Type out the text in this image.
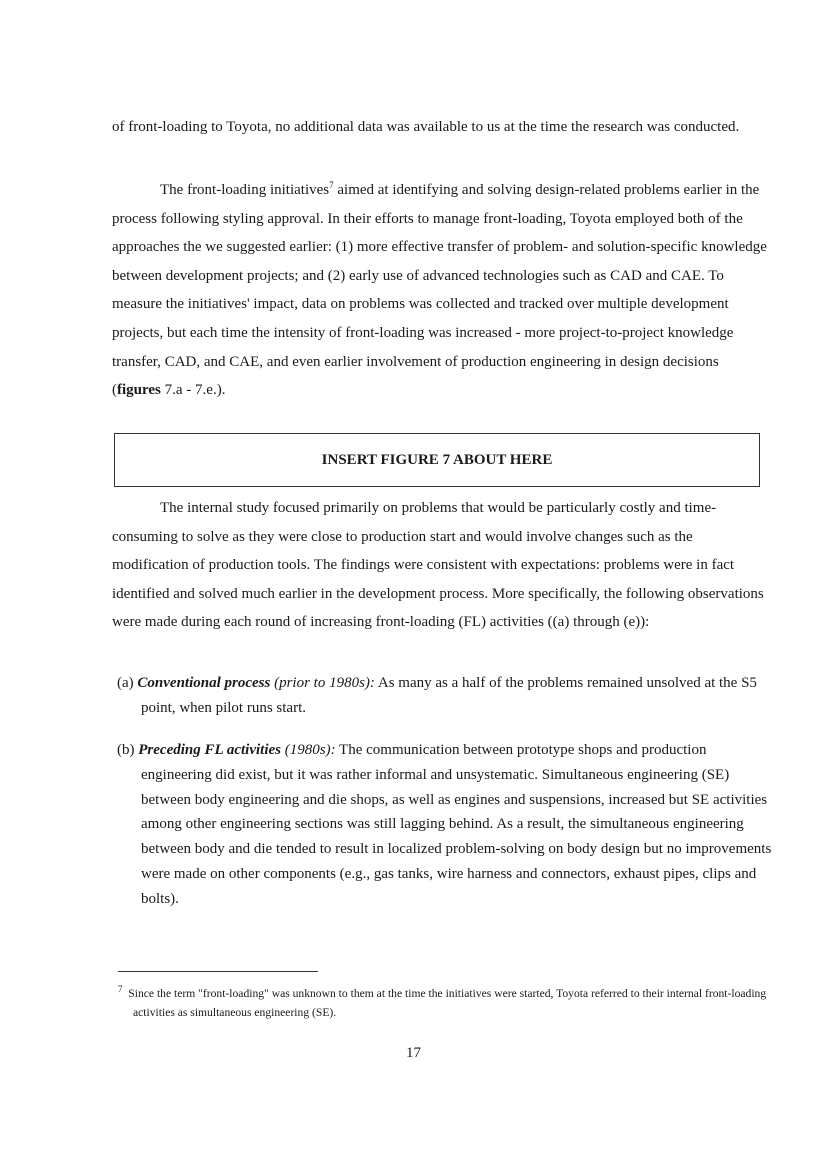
of front-loading to Toyota, no additional data was available to us at the time the research was conducted.

The front-loading initiatives$^7$ aimed at identifying and solving design-related problems earlier in the process following styling approval. In their efforts to manage front-loading, Toyota employed both of the approaches the we suggested earlier: (1) more effective transfer of problem- and solution-specific knowledge between development projects; and (2) early use of advanced technologies such as CAD and CAE. To measure the initiatives' impact, data on problems was collected and tracked over multiple development projects, but each time the intensity of front-loading was increased - more project-to-project knowledge transfer, CAD, and CAE, and even earlier involvement of production engineering in design decisions (figures 7.a - 7.e.).

INSERT FIGURE 7 ABOUT HERE

The internal study focused primarily on problems that would be particularly costly and time-consuming to solve as they were close to production start and would involve changes such as the modification of production tools. The findings were consistent with expectations: problems were in fact identified and solved much earlier in the development process. More specifically, the following observations were made during each round of increasing front-loading (FL) activities ((a) through (e)):

(a) Conventional process (prior to 1980s): As many as a half of the problems remained unsolved at the S5 point, when pilot runs start.

(b) Preceding FL activities (1980s): The communication between prototype shops and production engineering did exist, but it was rather informal and unsystematic. Simultaneous engineering (SE) between body engineering and die shops, as well as engines and suspensions, increased but SE activities among other engineering sections was still lagging behind. As a result, the simultaneous engineering between body and die tended to result in localized problem-solving on body design but no improvements were made on other components (e.g., gas tanks, wire harness and connectors, exhaust pipes, clips and bolts).

$^7$ Since the term "front-loading" was unknown to them at the time the initiatives were started, Toyota referred to their internal front-loading activities as simultaneous engineering (SE).

17
